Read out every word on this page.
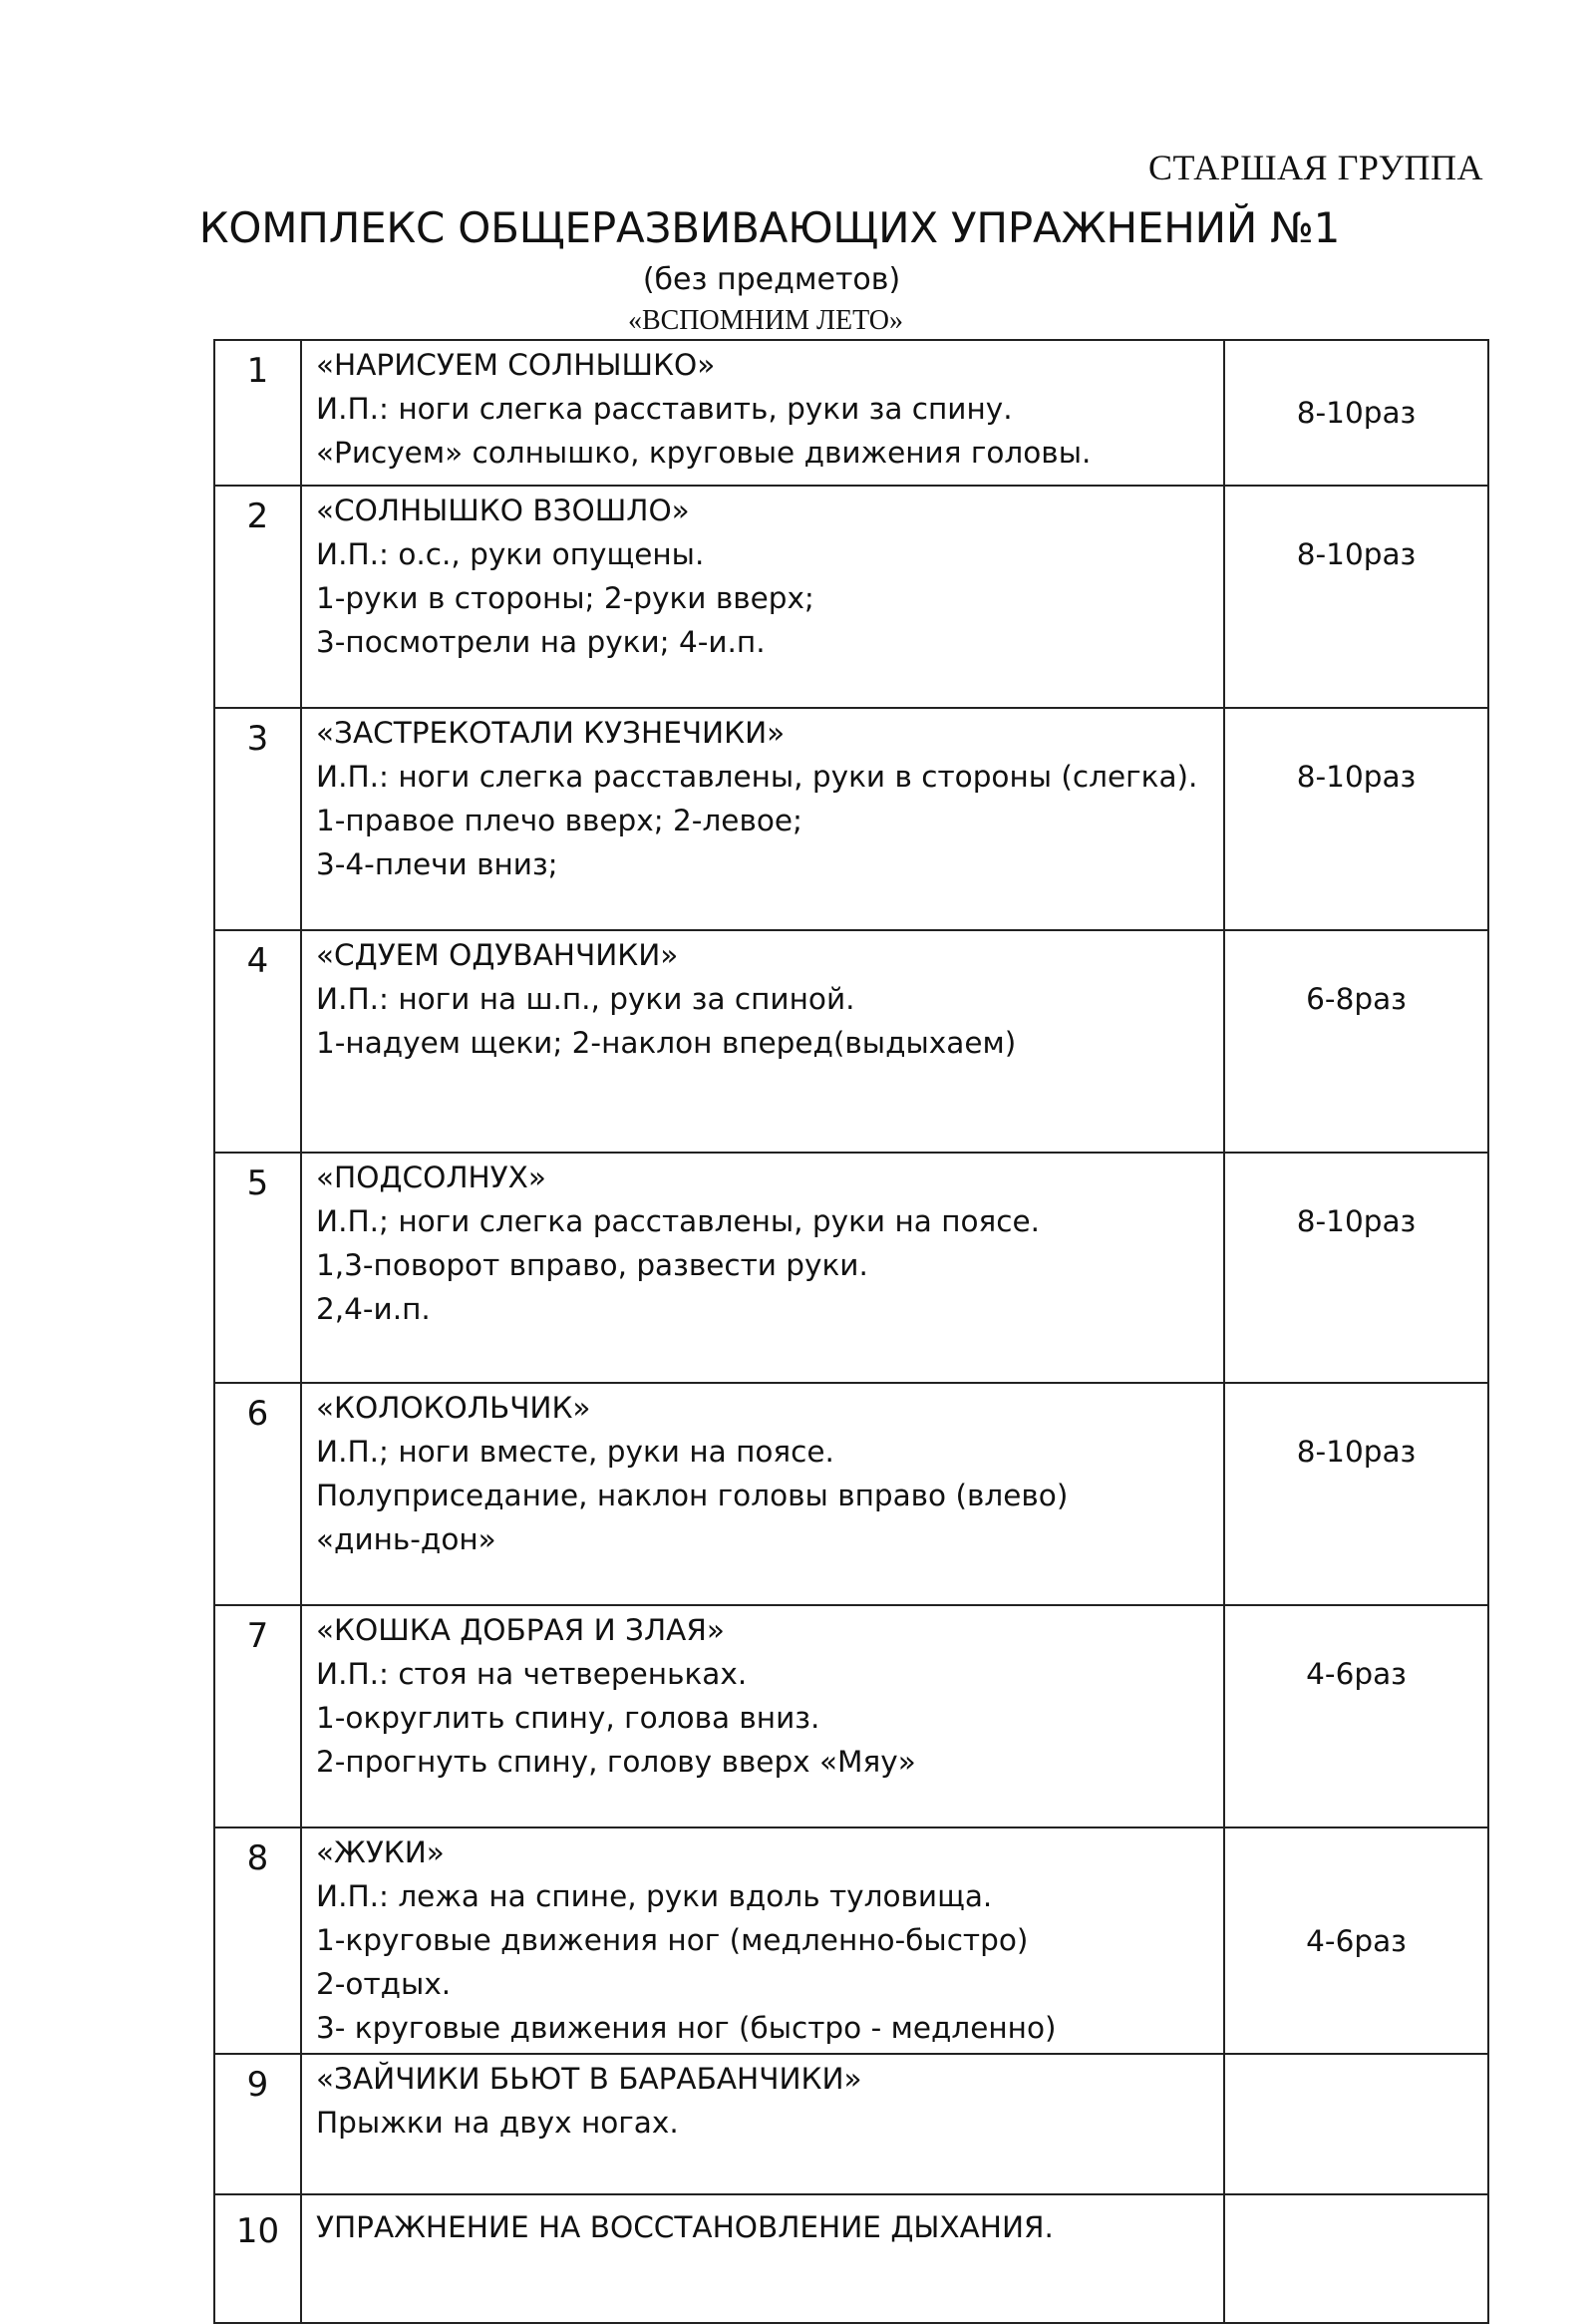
СТАРШАЯ ГРУППА
КОМПЛЕКС ОБЩЕРАЗВИВАЮЩИХ УПРАЖНЕНИЙ №1
(без предметов)
«ВСПОМНИМ ЛЕТО»
1	«НАРИСУЕМ СОЛНЫШКО»
И.П.: ноги слегка расставить, руки за спину.
«Рисуем» солнышко, круговые движения головы.	8-10раз
2	«СОЛНЫШКО ВЗОШЛО»
И.П.: о.с., руки опущены.
1-руки в стороны; 2-руки вверх;
3-посмотрели на руки; 4-и.п.	8-10раз
3	«ЗАСТРЕКОТАЛИ КУЗНЕЧИКИ»
И.П.: ноги слегка расставлены, руки в стороны (слегка).
1-правое плечо вверх; 2-левое;
3-4-плечи вниз;	8-10раз
4	«СДУЕМ ОДУВАНЧИКИ»
И.П.: ноги на ш.п., руки за спиной.
1-надуем щеки; 2-наклон вперед(выдыхаем)	6-8раз
5	«ПОДСОЛНУХ»
И.П.; ноги слегка расставлены, руки на поясе.
1,3-поворот вправо, развести руки.
2,4-и.п.	8-10раз
6	«КОЛОКОЛЬЧИК»
И.П.; ноги вместе, руки на поясе.
Полуприседание, наклон головы вправо (влево)
«динь-дон»	8-10раз
7	«КОШКА ДОБРАЯ И ЗЛАЯ»
И.П.: стоя на четвереньках.
1-округлить спину, голова вниз.
2-прогнуть спину, голову вверх «Мяу»	4-6раз
8	«ЖУКИ»
И.П.: лежа на спине, руки вдоль туловища.
1-круговые движения ног (медленно-быстро)
2-отдых.
3- круговые движения ног (быстро - медленно)	4-6раз
9	«ЗАЙЧИКИ БЬЮТ В БАРАБАНЧИКИ»
Прыжки на двух ногах.	

10	УПРАЖНЕНИЕ НА ВОССТАНОВЛЕНИЕ ДЫХАНИЯ.	
